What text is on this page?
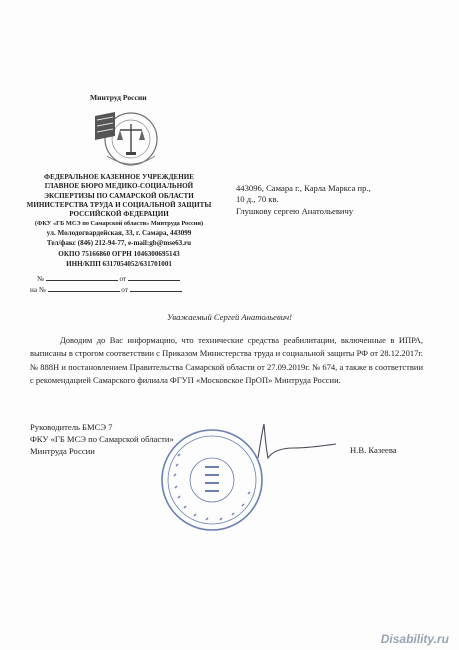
Минтруд России
ФЕДЕРАЛЬНОЕ КАЗЕННОЕ УЧРЕЖДЕНИЕ
ГЛАВНОЕ БЮРО МЕДИКО-СОЦИАЛЬНОЙ
ЭКСПЕРТИЗЫ ПО САМАРСКОЙ ОБЛАСТИ
МИНИСТЕРСТВА ТРУДА И СОЦИАЛЬНОЙ ЗАЩИТЫ
РОССИЙСКОЙ ФЕДЕРАЦИИ
(ФКУ «ГБ МСЭ по Самарской области» Минтруда России)
ул. Молодогвардейская, 33, г. Самара, 443099
Тел/факс (846) 212-94-77, e-mail:gb@mse63.ru
ОКПО 75166860 ОГРН 1046300695143
ИНН/КПП 6317054052/631701001
№	от
на №	от
443096, Самара г., Карла Маркса пр.,
10 д., 70 кв.
Глушкову сергею Анатольевичу
Уважаемый Сергей Анатольевич!

Доводим до Вас информацию, что технические средства реабилитации, включенные в ИПРА, выписаны в строгом соответствии с Приказом Министерства труда и социальной защиты РФ от 28.12.2017г. № 888Н и постановлением Правительства Самарской области от 27.09.2019г. № 674, а также в соответствии с рекомендацией Самарского филиала ФГУП «Московское ПрОП» Минтруда России.

Руководитель БМСЭ 7
ФКУ «ГБ МСЭ по Самарской области»
Минтруда России	Н.В. Казеева
Disability.ru
